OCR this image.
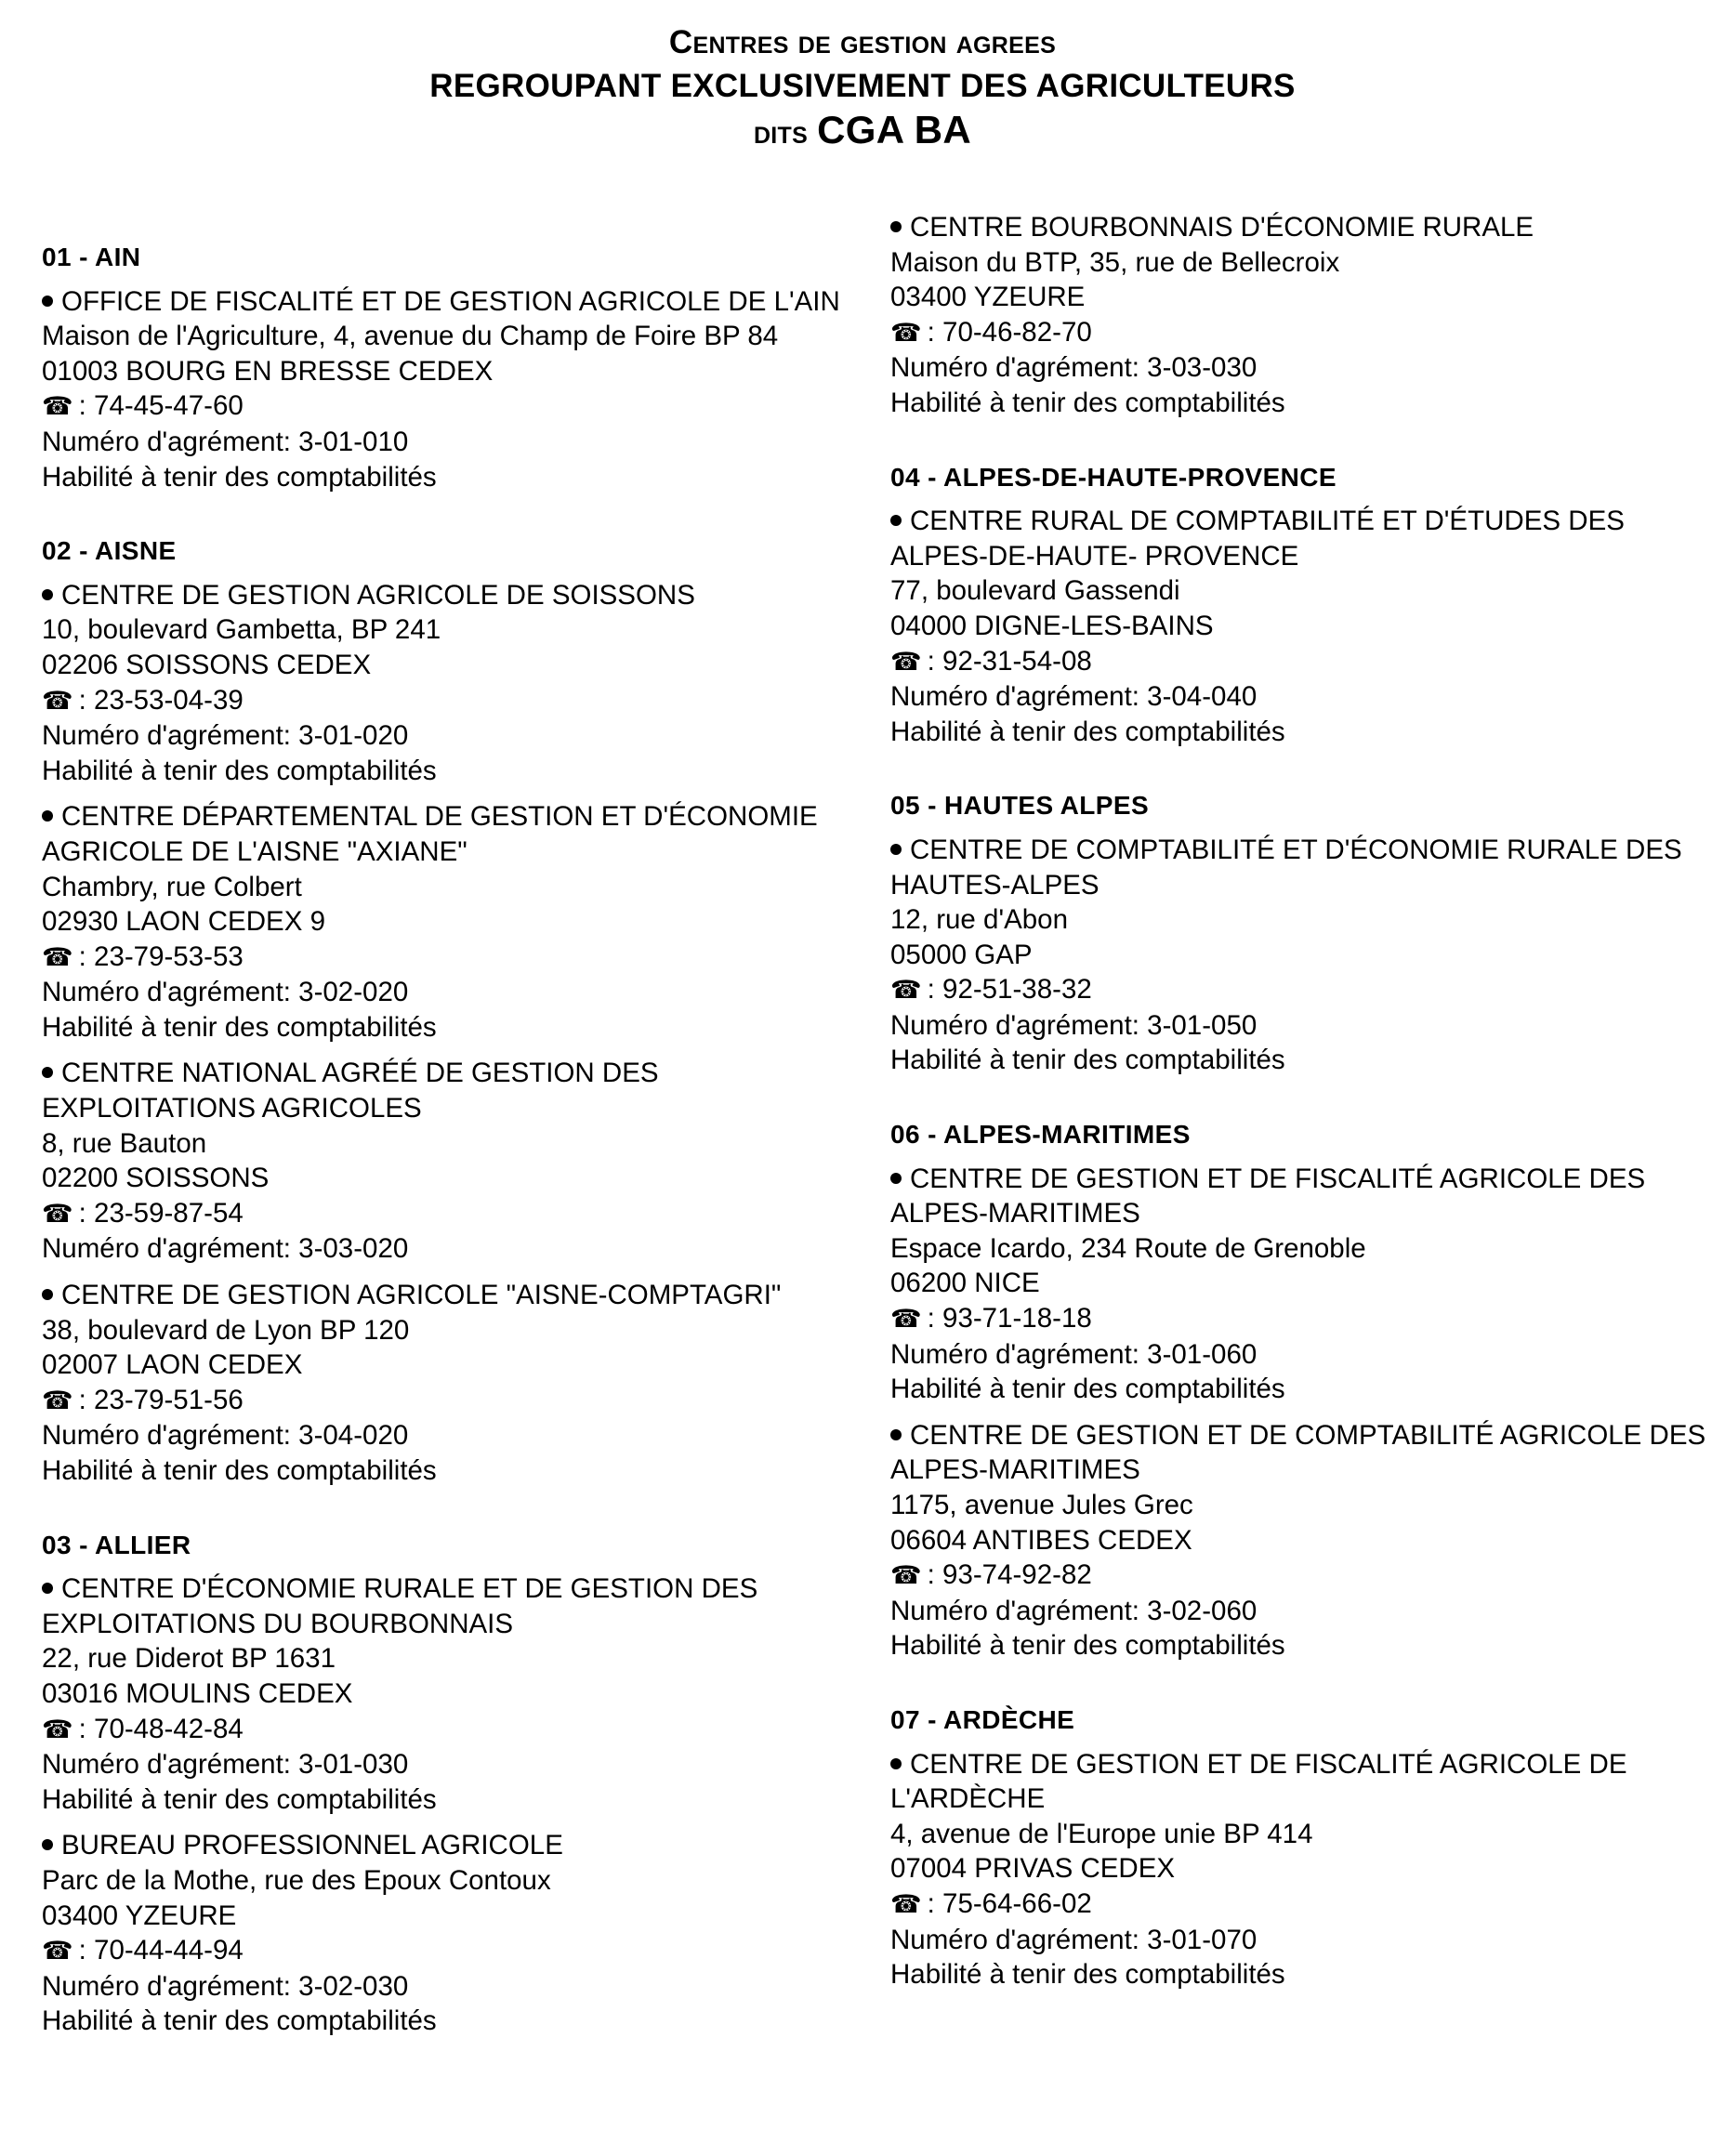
Centres de gestion agrees
REGROUPANT EXCLUSIVEMENT DES AGRICULTEURS
dits CGA BA
01 - AIN
OFFICE DE FISCALITÉ ET DE GESTION AGRICOLE DE L'AIN
Maison de l'Agriculture, 4, avenue du Champ de Foire BP 84
01003 BOURG EN BRESSE CEDEX
☎ : 74-45-47-60
Numéro d'agrément: 3-01-010
Habilité à tenir des comptabilités
02 - AISNE
CENTRE DE GESTION AGRICOLE DE SOISSONS
10, boulevard Gambetta, BP 241
02206 SOISSONS CEDEX
☎ : 23-53-04-39
Numéro d'agrément: 3-01-020
Habilité à tenir des comptabilités
CENTRE DÉPARTEMENTAL DE GESTION ET D'ÉCONOMIE AGRICOLE DE L'AISNE "AXIANE"
Chambry, rue Colbert
02930 LAON CEDEX 9
☎ : 23-79-53-53
Numéro d'agrément: 3-02-020
Habilité à tenir des comptabilités
CENTRE NATIONAL AGRÉÉ DE GESTION DES EXPLOITATIONS AGRICOLES
8, rue Bauton
02200 SOISSONS
☎ : 23-59-87-54
Numéro d'agrément: 3-03-020
CENTRE DE GESTION AGRICOLE "AISNE-COMPTAGRI"
38, boulevard de Lyon BP 120
02007 LAON CEDEX
☎ : 23-79-51-56
Numéro d'agrément: 3-04-020
Habilité à tenir des comptabilités
03 - ALLIER
CENTRE D'ÉCONOMIE RURALE ET DE GESTION DES EXPLOITATIONS DU BOURBONNAIS
22, rue Diderot BP 1631
03016 MOULINS CEDEX
☎ : 70-48-42-84
Numéro d'agrément: 3-01-030
Habilité à tenir des comptabilités
BUREAU PROFESSIONNEL AGRICOLE
Parc de la Mothe, rue des Epoux Contoux
03400 YZEURE
☎ : 70-44-44-94
Numéro d'agrément: 3-02-030
Habilité à tenir des comptabilités
CENTRE BOURBONNAIS D'ÉCONOMIE RURALE
Maison du BTP, 35, rue de Bellecroix
03400 YZEURE
☎ : 70-46-82-70
Numéro d'agrément: 3-03-030
Habilité à tenir des comptabilités
04 - ALPES-DE-HAUTE-PROVENCE
CENTRE RURAL DE COMPTABILITÉ ET D'ÉTUDES DES ALPES-DE-HAUTE- PROVENCE
77, boulevard Gassendi
04000 DIGNE-LES-BAINS
☎ : 92-31-54-08
Numéro d'agrément: 3-04-040
Habilité à tenir des comptabilités
05 - HAUTES ALPES
CENTRE DE COMPTABILITÉ ET D'ÉCONOMIE RURALE DES HAUTES-ALPES
12, rue d'Abon
05000 GAP
☎ : 92-51-38-32
Numéro d'agrément: 3-01-050
Habilité à tenir des comptabilités
06 - ALPES-MARITIMES
CENTRE DE GESTION ET DE FISCALITÉ AGRICOLE DES ALPES-MARITIMES
Espace Icardo, 234 Route de Grenoble
06200 NICE
☎ : 93-71-18-18
Numéro d'agrément: 3-01-060
Habilité à tenir des comptabilités
CENTRE DE GESTION ET DE COMPTABILITÉ AGRICOLE DES ALPES-MARITIMES
1175, avenue Jules Grec
06604 ANTIBES CEDEX
☎ : 93-74-92-82
Numéro d'agrément: 3-02-060
Habilité à tenir des comptabilités
07 - ARDÈCHE
CENTRE DE GESTION ET DE FISCALITÉ AGRICOLE DE L'ARDÈCHE
4, avenue de l'Europe unie BP 414
07004 PRIVAS CEDEX
☎ : 75-64-66-02
Numéro d'agrément: 3-01-070
Habilité à tenir des comptabilités
